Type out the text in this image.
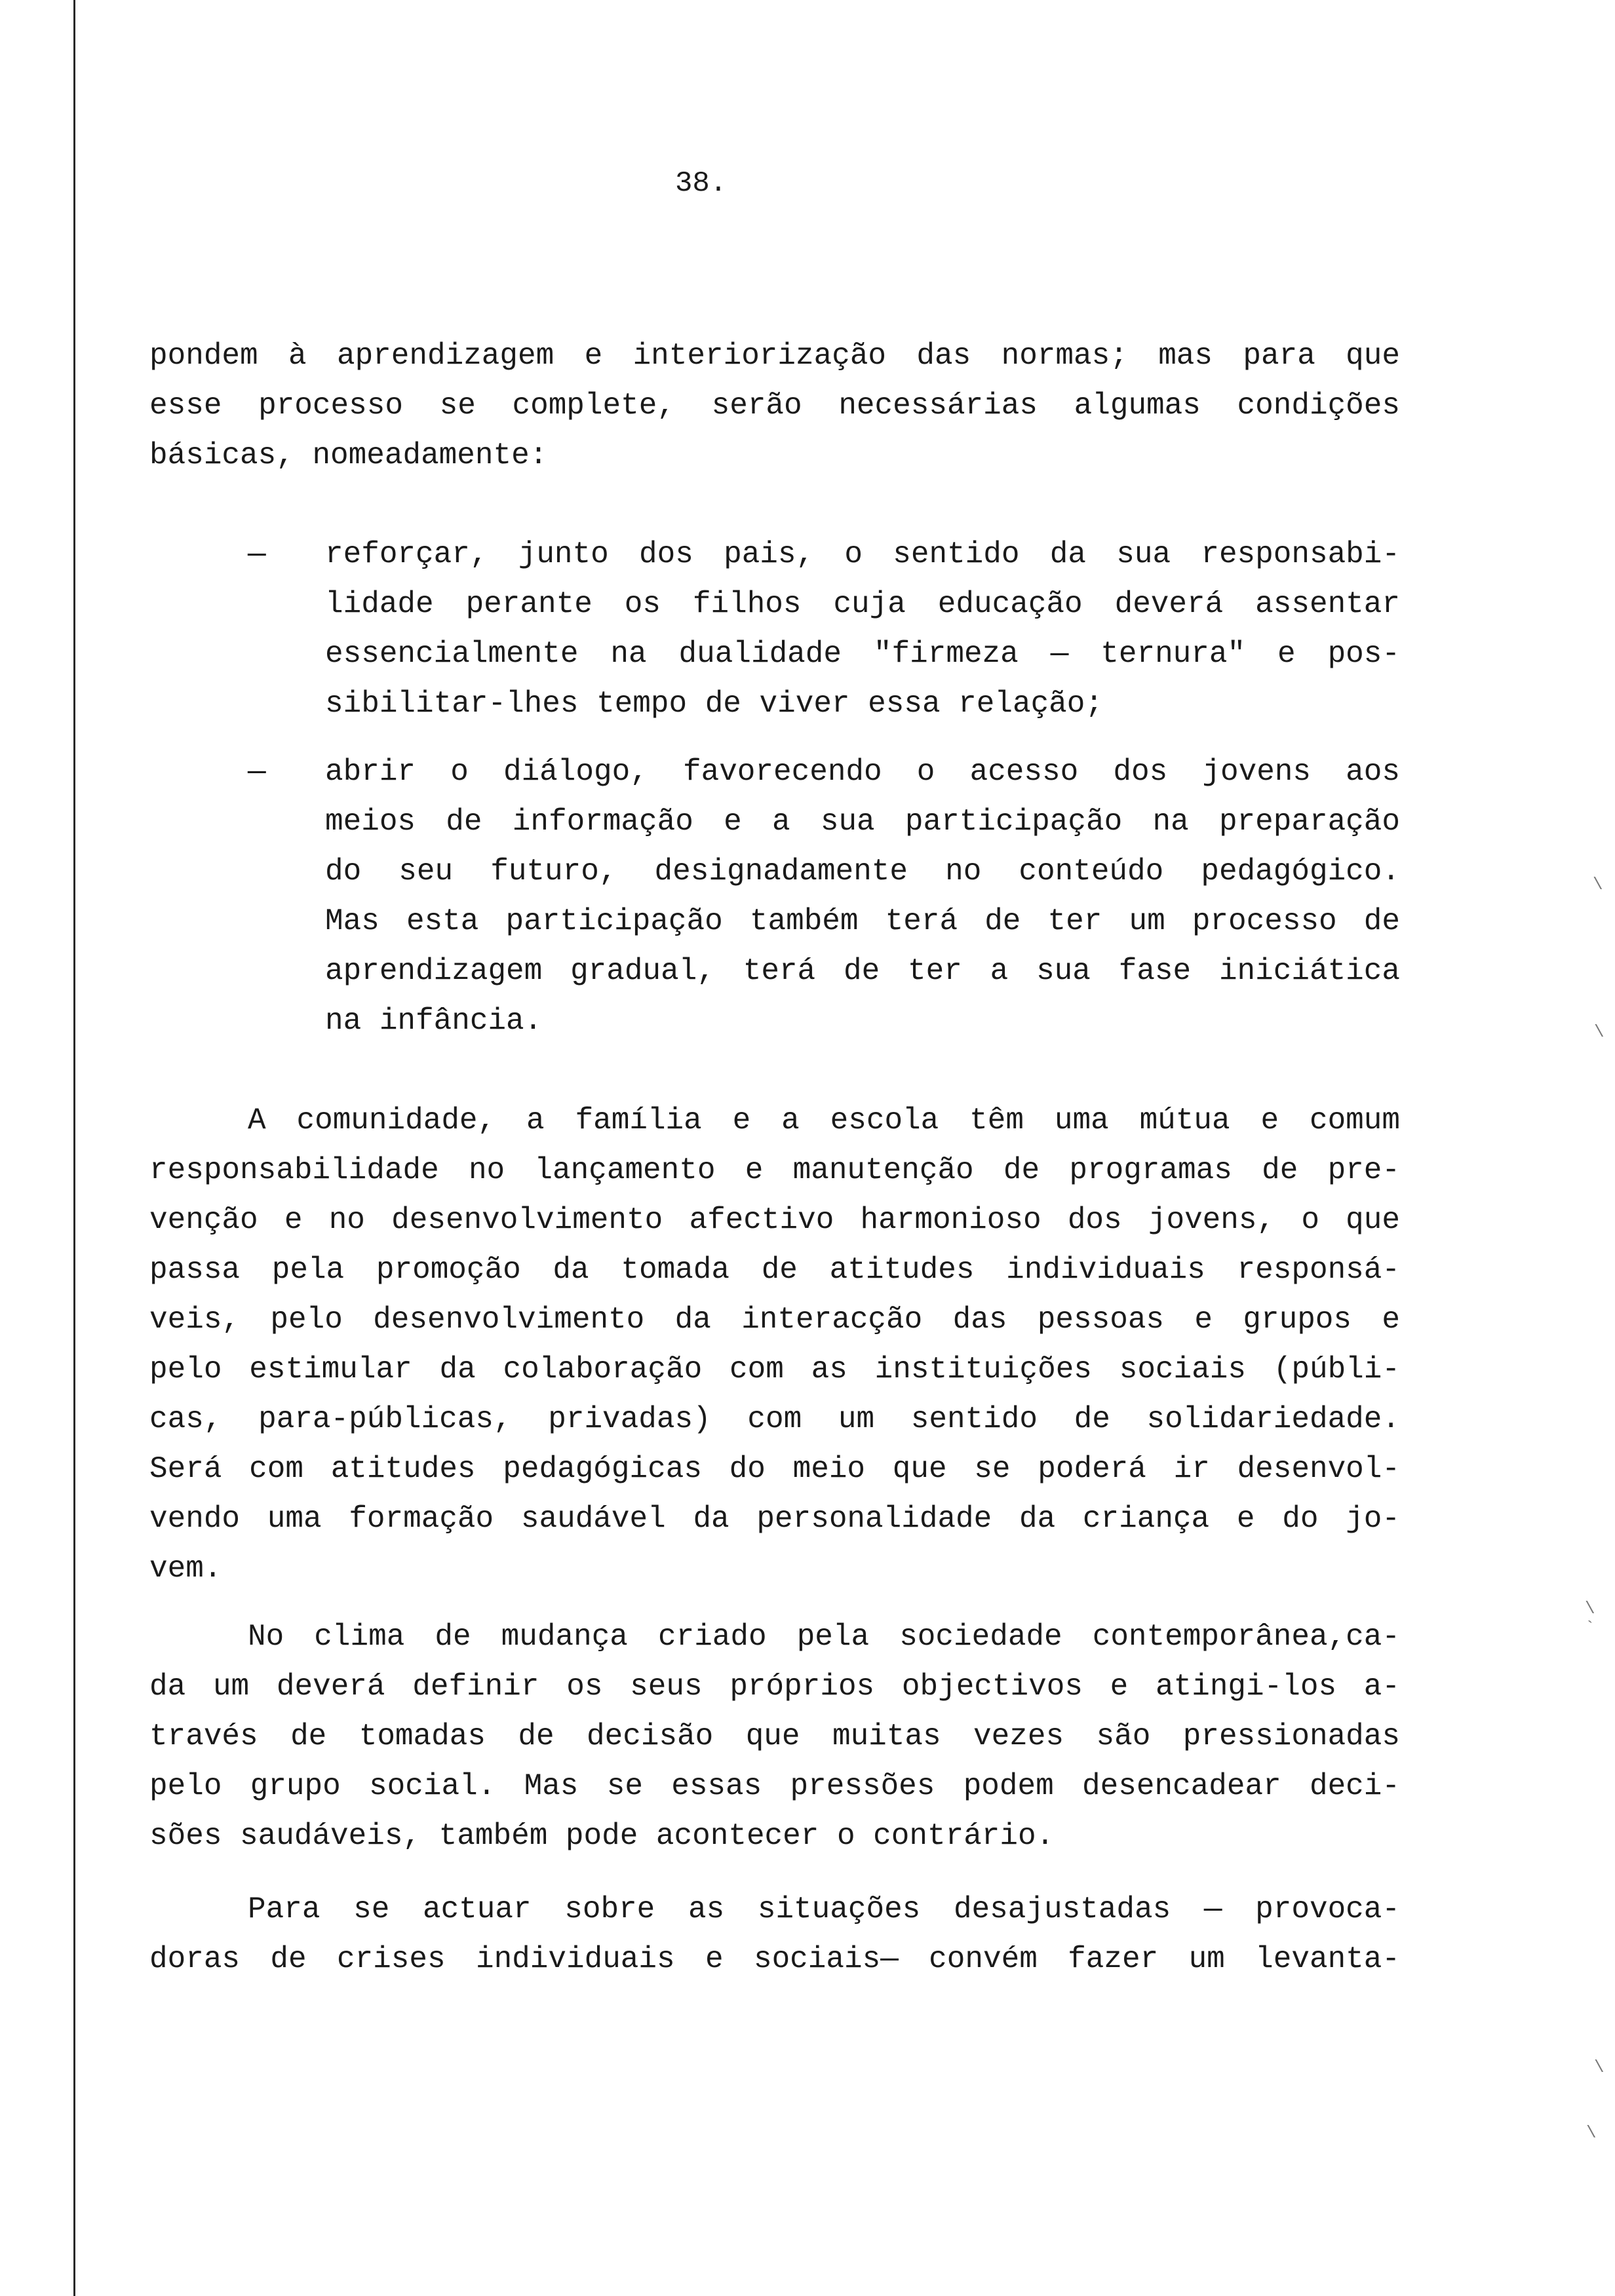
38.
pondem à aprendizagem e interiorização das normas; mas para que
esse processo se complete, serão necessárias algumas condições
básicas, nomeadamente:
—	reforçar, junto dos pais, o sentido da sua responsabi-
lidade perante os filhos cuja educação deverá assentar
essencialmente na dualidade "firmeza — ternura" e pos-
sibilitar-lhes tempo de viver essa relação;
—	abrir o diálogo, favorecendo o acesso dos jovens aos
meios de informação e a sua participação na preparação
do seu futuro, designadamente no conteúdo pedagógico.
Mas esta participação também terá de ter um processo de
aprendizagem gradual, terá de ter a sua fase iniciática
na infância.
A comunidade, a família e a escola têm uma mútua e comum
responsabilidade no lançamento e manutenção de programas de pre-
venção e no desenvolvimento afectivo harmonioso dos jovens, o que
passa pela promoção da tomada de atitudes individuais responsá-
veis, pelo desenvolvimento da interacção das pessoas e grupos e
pelo estimular da colaboração com as instituições sociais (públi-
cas, para-públicas, privadas) com um sentido de solidariedade.
Será com atitudes pedagógicas do meio que se poderá ir desenvol-
vendo uma formação saudável da personalidade da criança e do jo-
vem.
No clima de mudança criado pela sociedade contemporânea,ca-
da um deverá definir os seus próprios objectivos e atingi-los a-
través de tomadas de decisão que muitas vezes são pressionadas
pelo grupo social. Mas se essas pressões podem desencadear deci-
sões saudáveis, também pode acontecer o contrário.
Para se actuar sobre as situações desajustadas — provoca-
doras de crises individuais e sociais— convém fazer um levanta-
\
\
\
`
\
\
